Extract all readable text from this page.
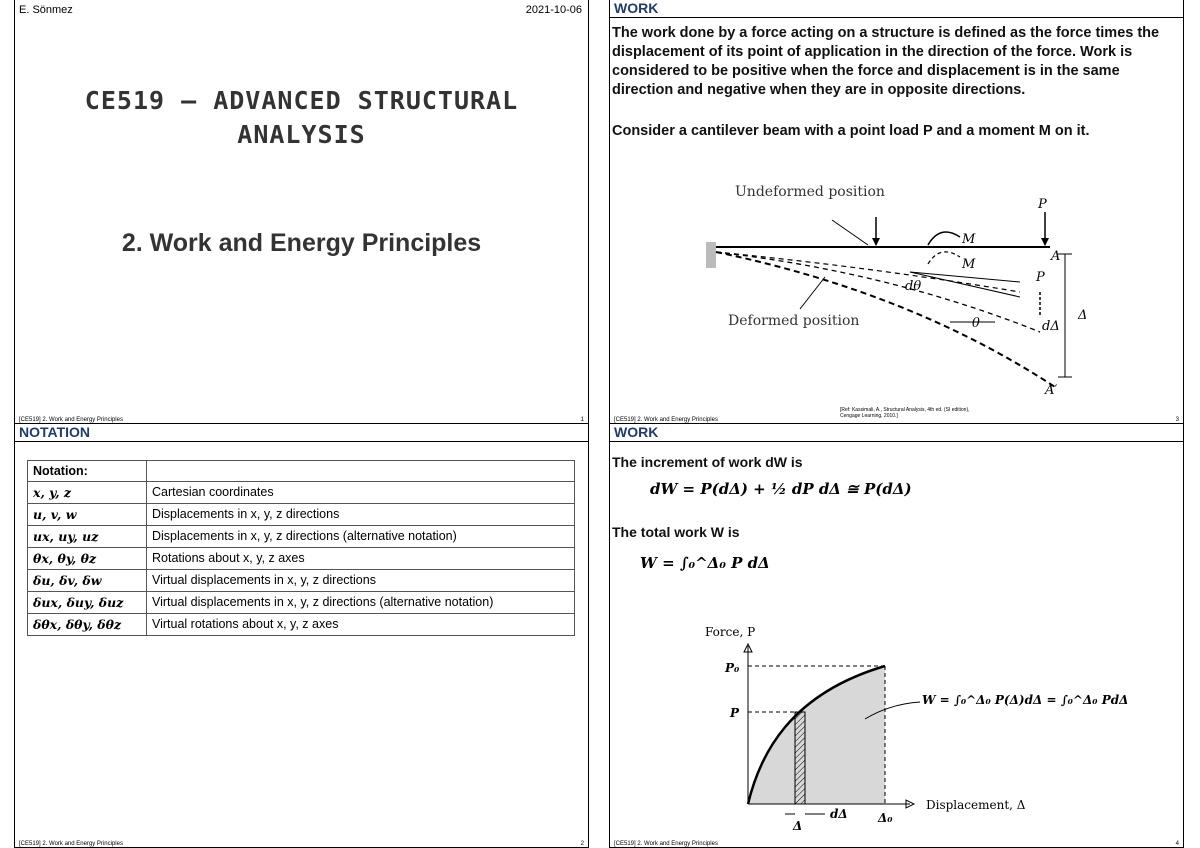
E. Sönmez	2021-10-06
CE519 – ADVANCED STRUCTURAL ANALYSIS
2. Work and Energy Principles
[CE519] 2. Work and Energy Principles	1
NOTATION
Notation:	
x, y, z	Cartesian coordinates
u, v, w	Displacements in x, y, z directions
ux, uy, uz	Displacements in x, y, z directions (alternative notation)
θx, θy, θz	Rotations about x, y, z axes
δu, δv, δw	Virtual displacements in x, y, z directions
δux, δuy, δuz	Virtual displacements in x, y, z directions (alternative notation)
δθx, δθy, δθz	Virtual rotations about x, y, z axes
[CE519] 2. Work and Energy Principles	2
WORK
The work done by a force acting on a structure is defined as the force times the displacement of its point of application in the direction of the force. Work is considered to be positive when the force and displacement is in the same direction and negative when they are in opposite directions.
Consider a cantilever beam with a point load P and a moment M on it.
Undeformed position
Deformed position
P
M
M
A
P
dθ
θ	dΔ
Δ
A′
[Ref: Kassimali, A., Structural Analysis, 4th ed. (SI edition), Cengage Learning, 2010.]
[CE519] 2. Work and Energy Principles	3
WORK
The increment of work dW is
dW = P(dΔ) + ½ dP dΔ ≅ P(dΔ)
The total work W is
W = ∫₀^Δ₀ P dΔ
Force, P
P₀
P
Δ
dΔ	Δ₀
Displacement, Δ
W = ∫₀^Δ₀ P(Δ)dΔ = ∫₀^Δ₀ PdΔ
[CE519] 2. Work and Energy Principles	4
